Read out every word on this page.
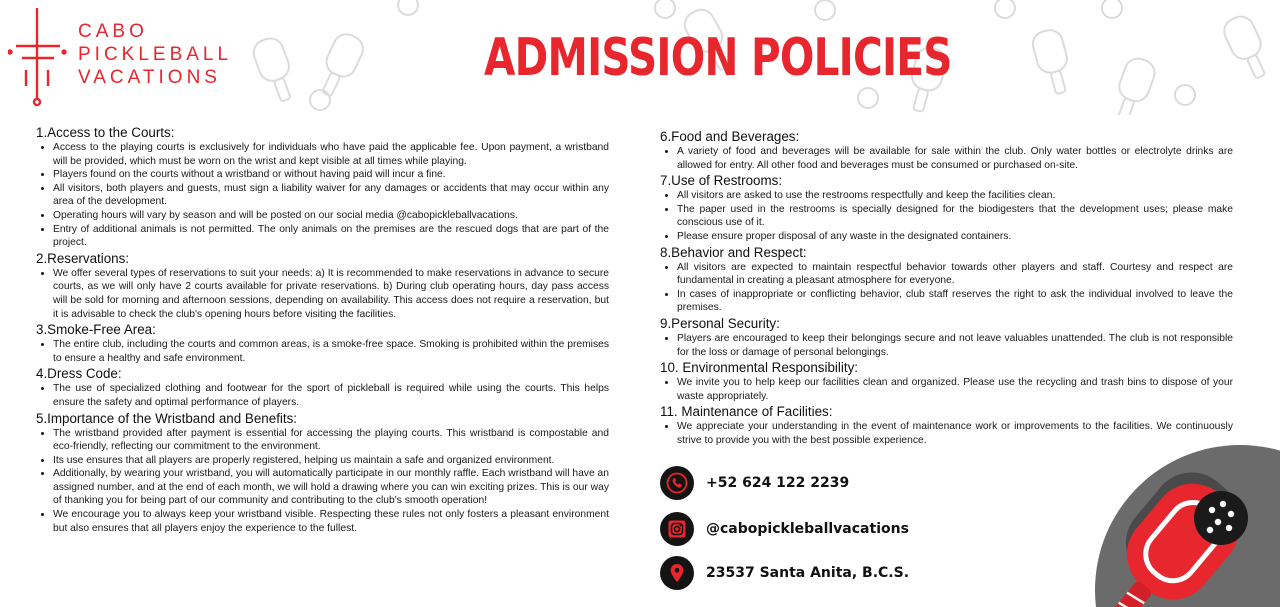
CABO
PICKLEBALL
VACATIONS	ADMISSION POLICIES

1.Access to the Courts:

• Access to the playing courts is exclusively for individuals who have paid the applicable fee. Upon payment, a wristband will be provided, which must be worn on the wrist and kept visible at all times while playing.
• Players found on the courts without a wristband or without having paid will incur a fine.
• All visitors, both players and guests, must sign a liability waiver for any damages or accidents that may occur within any area of the development.
• Operating hours will vary by season and will be posted on our social media @cabopickleballvacations.
• Entry of additional animals is not permitted. The only animals on the premises are the rescued dogs that are part of the project.

2.Reservations:

• We offer several types of reservations to suit your needs: a) It is recommended to make reservations in advance to secure courts, as we will only have 2 courts available for private reservations. b) During club operating hours, day pass access will be sold for morning and afternoon sessions, depending on availability. This access does not require a reservation, but it is advisable to check the club's opening hours before visiting the facilities.

3.Smoke-Free Area:

• The entire club, including the courts and common areas, is a smoke-free space. Smoking is prohibited within the premises to ensure a healthy and safe environment.

4.Dress Code:

• The use of specialized clothing and footwear for the sport of pickleball is required while using the courts. This helps ensure the safety and optimal performance of players.

5.Importance of the Wristband and Benefits:

• The wristband provided after payment is essential for accessing the playing courts. This wristband is compostable and eco-friendly, reflecting our commitment to the environment.
• Its use ensures that all players are properly registered, helping us maintain a safe and organized environment.
• Additionally, by wearing your wristband, you will automatically participate in our monthly raffle. Each wristband will have an assigned number, and at the end of each month, we will hold a drawing where you can win exciting prizes. This is our way of thanking you for being part of our community and contributing to the club's smooth operation!
• We encourage you to always keep your wristband visible. Respecting these rules not only fosters a pleasant environment but also ensures that all players enjoy the experience to the fullest.

6.Food and Beverages:

• A variety of food and beverages will be available for sale within the club. Only water bottles or electrolyte drinks are allowed for entry. All other food and beverages must be consumed or purchased on-site.

7.Use of Restrooms:

• All visitors are asked to use the restrooms respectfully and keep the facilities clean.
• The paper used in the restrooms is specially designed for the biodigesters that the development uses; please make conscious use of it.
• Please ensure proper disposal of any waste in the designated containers.

8.Behavior and Respect:

• All visitors are expected to maintain respectful behavior towards other players and staff. Courtesy and respect are fundamental in creating a pleasant atmosphere for everyone.
• In cases of inappropriate or conflicting behavior, club staff reserves the right to ask the individual involved to leave the premises.

9.Personal Security:

• Players are encouraged to keep their belongings secure and not leave valuables unattended. The club is not responsible for the loss or damage of personal belongings.

10. Environmental Responsibility:

• We invite you to help keep our facilities clean and organized. Please use the recycling and trash bins to dispose of your waste appropriately.

11. Maintenance of Facilities:

• We appreciate your understanding in the event of maintenance work or improvements to the facilities. We continuously strive to provide you with the best possible experience.
+52 624 122 2239
@cabopickleballvacations
23537 Santa Anita, B.C.S.
